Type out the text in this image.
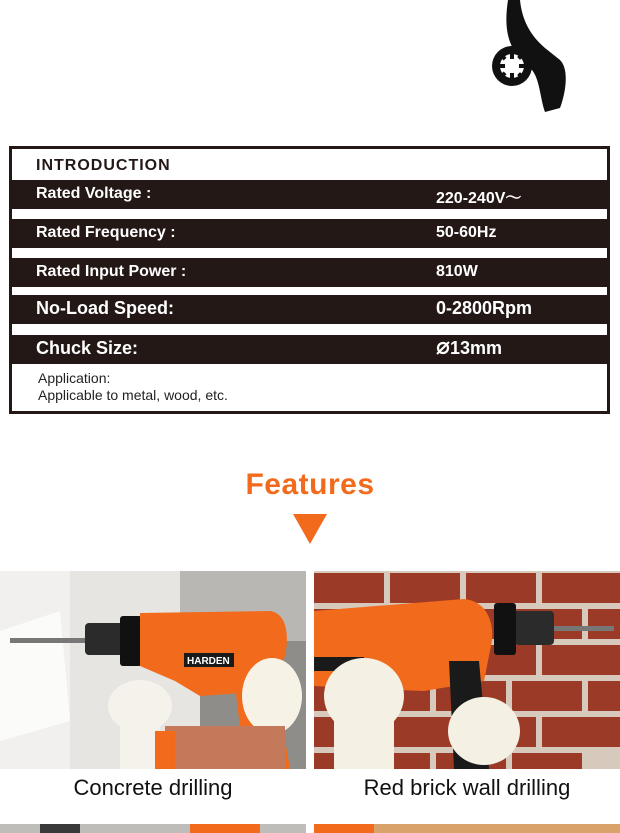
INTRODUCTION
Rated Voltage :	220-240V～
Rated Frequency :	50-60Hz
Rated Input Power :	810W
No-Load Speed:	0-2800Rpm
Chuck Size:	13mm
Application:
Applicable to metal, wood, etc.
Features
HARDEN
Concrete drilling	Red brick wall drilling
